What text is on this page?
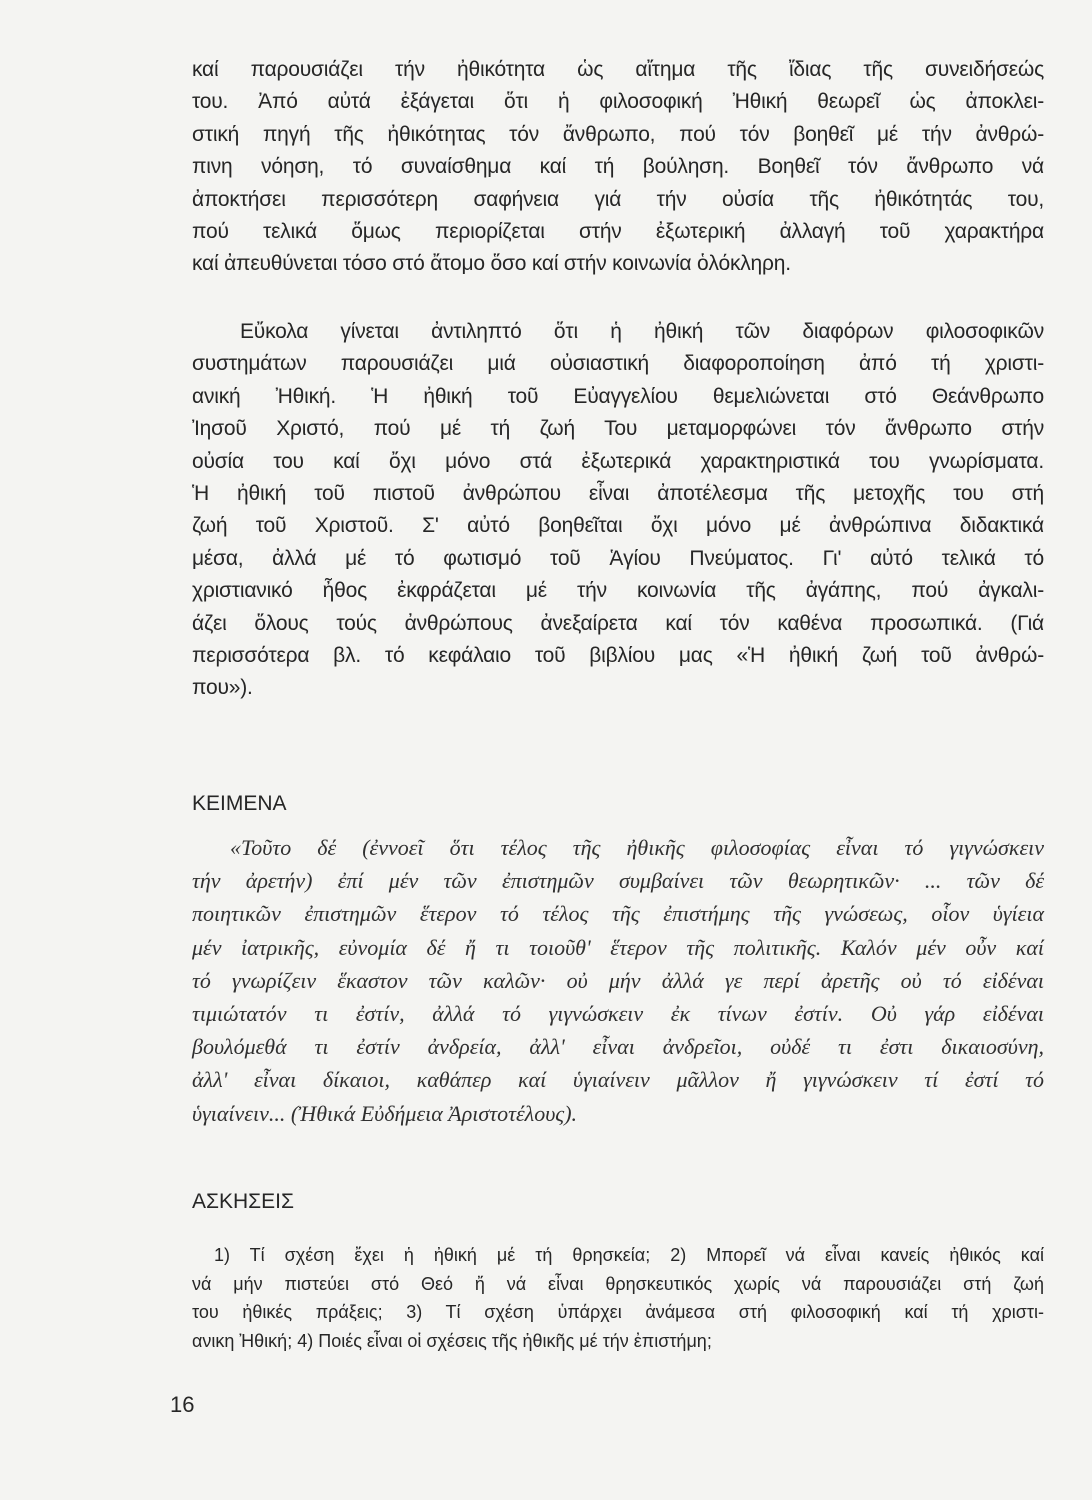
καί παρουσιάζει τήν ἠθικότητα ὡς αἴτημα τῆς ἴδιας τῆς συνειδήσεώς
του. Ἀπό αὐτά ἐξάγεται ὅτι ἡ φιλοσοφική Ἠθική θεωρεῖ ὡς ἀποκλει-
στική πηγή τῆς ἠθικότητας τόν ἄνθρωπο, πού τόν βοηθεῖ μέ τήν ἀνθρώ-
πινη νόηση, τό συναίσθημα καί τή βούληση. Βοηθεῖ τόν ἄνθρωπο νά
ἀποκτήσει περισσότερη σαφήνεια γιά τήν οὐσία τῆς ἠθικότητάς του,
πού τελικά ὅμως περιορίζεται στήν ἐξωτερική ἀλλαγή τοῦ χαρακτήρα
καί ἀπευθύνεται τόσο στό ἄτομο ὅσο καί στήν κοινωνία ὁλόκληρη.
Εὔκολα γίνεται ἀντιληπτό ὅτι ἡ ἠθική τῶν διαφόρων φιλοσοφικῶν
συστημάτων παρουσιάζει μιά οὐσιαστική διαφοροποίηση ἀπό τή χριστι-
ανική Ἠθική. Ἡ ἠθική τοῦ Εὐαγγελίου θεμελιώνεται στό Θεάνθρωπο
Ἰησοῦ Χριστό, πού μέ τή ζωή Του μεταμορφώνει τόν ἄνθρωπο στήν
οὐσία του καί ὄχι μόνο στά ἐξωτερικά χαρακτηριστικά του γνωρίσματα.
Ἡ ἠθική τοῦ πιστοῦ ἀνθρώπου εἶναι ἀποτέλεσμα τῆς μετοχῆς του στή
ζωή τοῦ Χριστοῦ. Σ' αὐτό βοηθεῖται ὄχι μόνο μέ ἀνθρώπινα διδακτικά
μέσα, ἀλλά μέ τό φωτισμό τοῦ Ἁγίου Πνεύματος. Γι' αὐτό τελικά τό
χριστιανικό ἦθος ἐκφράζεται μέ τήν κοινωνία τῆς ἀγάπης, πού ἀγκαλι-
άζει ὅλους τούς ἀνθρώπους ἀνεξαίρετα καί τόν καθένα προσωπικά. (Γιά
περισσότερα βλ. τό κεφάλαιο τοῦ βιβλίου μας «Ἡ ἠθική ζωή τοῦ ἀνθρώ-
που»).
ΚΕΙΜΕΝΑ
«Τοῦτο δέ (ἐννοεῖ ὅτι τέλος τῆς ἠθικῆς φιλοσοφίας εἶναι τό γιγνώσκειν
τήν ἀρετήν) ἐπί μέν τῶν ἐπιστημῶν συμβαίνει τῶν θεωρητικῶν· ... τῶν δέ
ποιητικῶν ἐπιστημῶν ἕτερον τό τέλος τῆς ἐπιστήμης τῆς γνώσεως, οἷον ὑγίεια
μέν ἰατρικῆς, εὐνομία δέ ἤ τι τοιοῦθ' ἕτερον τῆς πολιτικῆς. Καλόν μέν οὖν καί
τό γνωρίζειν ἕκαστον τῶν καλῶν· οὐ μήν ἀλλά γε περί ἀρετῆς οὐ τό εἰδέναι
τιμιώτατόν τι ἐστίν, ἀλλά τό γιγνώσκειν ἐκ τίνων ἐστίν. Οὐ γάρ εἰδέναι
βουλόμεθά τι ἐστίν ἀνδρεία, ἀλλ' εἶναι ἀνδρεῖοι, οὐδέ τι ἐστι δικαιοσύνη,
ἀλλ' εἶναι δίκαιοι, καθάπερ καί ὑγιαίνειν μᾶλλον ἤ γιγνώσκειν τί ἐστί τό
ὑγιαίνειν... (Ἠθικά Εὐδήμεια Ἀριστοτέλους).
ΑΣΚΗΣΕΙΣ
1) Τί σχέση ἔχει ἡ ἠθική μέ τή θρησκεία; 2) Μπορεῖ νά εἶναι κανείς ἠθικός καί
νά μήν πιστεύει στό Θεό ἤ νά εἶναι θρησκευτικός χωρίς νά παρουσιάζει στή ζωή
του ἠθικές πράξεις; 3) Τί σχέση ὑπάρχει ἀνάμεσα στή φιλοσοφική καί τή χριστι-
ανικη Ἠθική; 4) Ποιές εἶναι οἱ σχέσεις τῆς ἠθικῆς μέ τήν ἐπιστήμη;
16
